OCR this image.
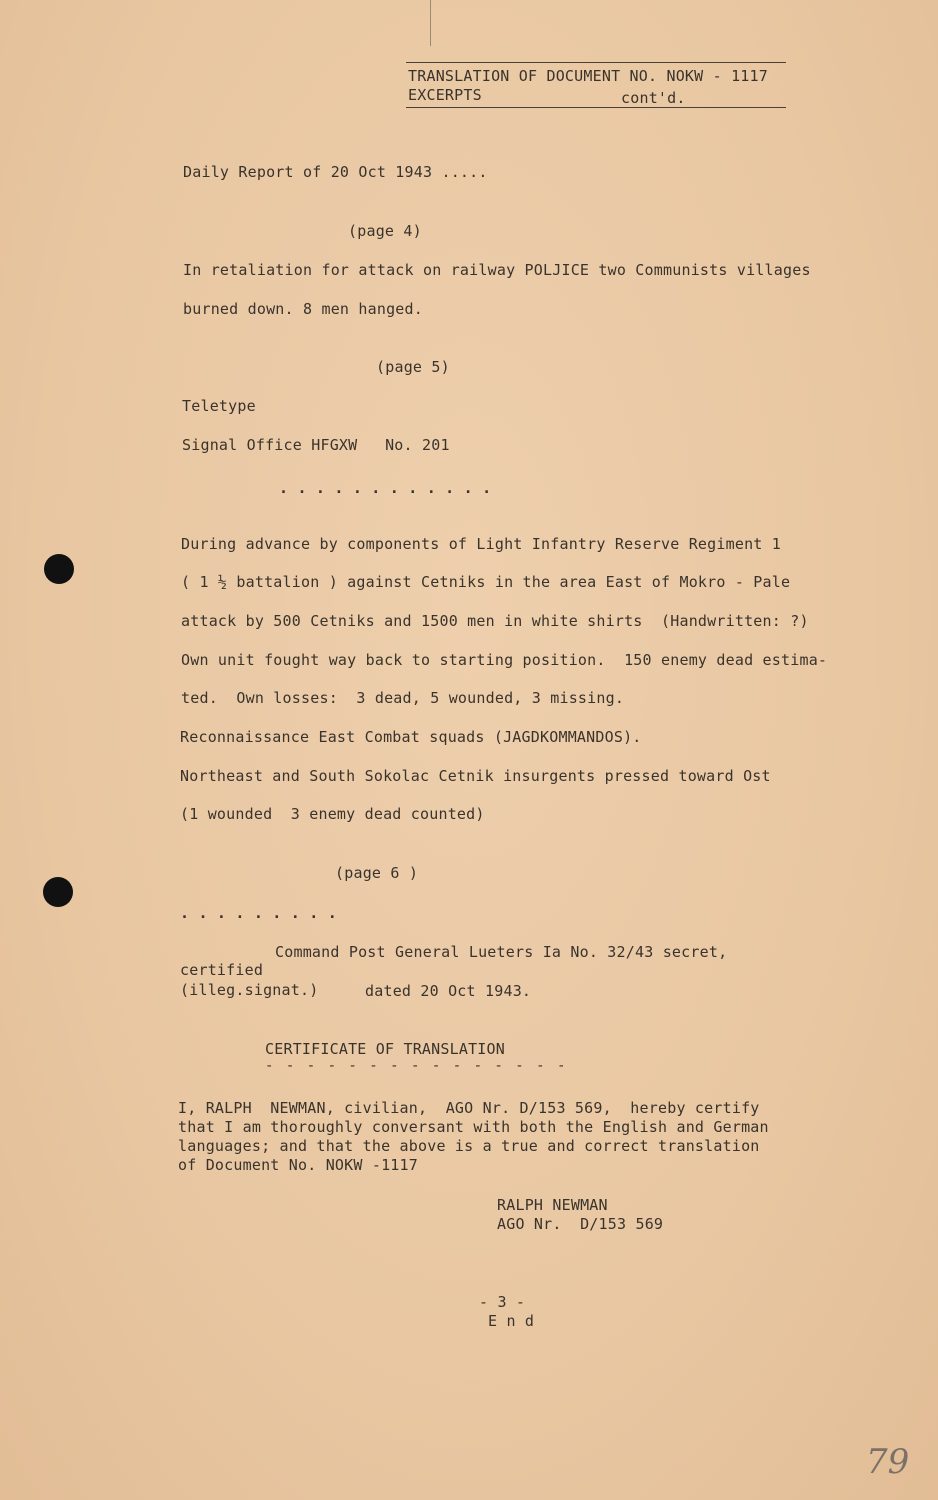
TRANSLATION OF DOCUMENT NO. NOKW - 1117
EXCERPTS	cont'd.
Daily Report of 20 Oct 1943 .....
(page 4)
In retaliation for attack on railway POLJICE two Communists villages
burned down. 8 men hanged.
(page 5)
Teletype
Signal Office HFGXW   No. 201
. . . . . . . . . . . .
During advance by components of Light Infantry Reserve Regiment 1
( 1 ½ battalion ) against Cetniks in the area East of Mokro - Pale
attack by 500 Cetniks and 1500 men in white shirts  (Handwritten: ?)
Own unit fought way back to starting position.  150 enemy dead estima-
ted.  Own losses:  3 dead, 5 wounded, 3 missing.
Reconnaissance East Combat squads (JAGDKOMMANDOS).
Northeast and South Sokolac Cetnik insurgents pressed toward Ost
(1 wounded  3 enemy dead counted)
(page 6 )
. . . . . . . . .
Command Post General Lueters Ia No. 32/43 secret,
certified
(illeg.signat.)	dated 20 Oct 1943.
CERTIFICATE OF TRANSLATION
- - - - - - - - - - - - - - -
I, RALPH  NEWMAN, civilian,  AGO Nr. D/153 569,  hereby certify
that I am thoroughly conversant with both the English and German
languages; and that the above is a true and correct translation
of Document No. NOKW -1117
RALPH NEWMAN
AGO Nr.  D/153 569
- 3 -
E n d
79
